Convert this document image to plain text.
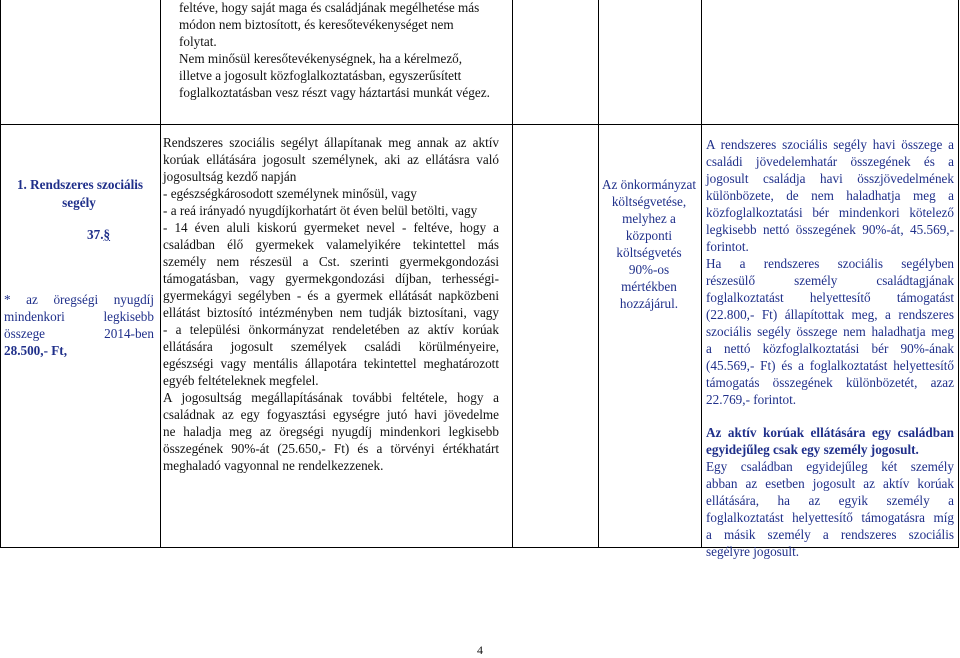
feltéve, hogy saját maga és családjának megélhetése más
módon nem biztosított, és keresőtevékenységet nem
folytat.
Nem minősül keresőtevékenységnek, ha a kérelmező,
illetve a jogosult közfoglalkoztatásban, egyszerűsített
foglalkoztatásban vesz részt vagy háztartási munkát végez.
1. Rendszeres szociális
segély
37.§
* az öregségi nyugdíj
mindenkori legkisebb
összege 2014-ben
28.500,- Ft,
Rendszeres szociális segélyt állapítanak meg annak az aktív
korúak ellátására jogosult személynek, aki az ellátásra való
jogosultság kezdő napján
- egészségkárosodott személynek minősül, vagy
- a reá irányadó nyugdíjkorhatárt öt éven belül betölti, vagy
- 14 éven aluli kiskorú gyermeket nevel - feltéve, hogy a
családban élő gyermekek valamelyikére tekintettel más
személy nem részesül a Cst. szerinti gyermekgondozási
támogatásban, vagy gyermekgondozási díjban, terhességi-
gyermekágyi segélyben - és a gyermek ellátását napközbeni
ellátást biztosító intézményben nem tudják biztosítani, vagy
- a települési önkormányzat rendeletében az aktív korúak
ellátására jogosult személyek családi körülményeire,
egészségi vagy mentális állapotára tekintettel meghatározott
egyéb feltételeknek megfelel.
A jogosultság megállapításának további feltétele, hogy a
családnak az egy fogyasztási egységre jutó havi jövedelme
ne haladja meg az öregségi nyugdíj mindenkori legkisebb
összegének 90%-át (25.650,- Ft) és a törvényi értékhatárt
meghaladó vagyonnal ne rendelkezzenek.
Az önkormányzat
költségvetése,
melyhez a
központi
költségvetés
90%-os
mértékben
hozzájárul.
A rendszeres szociális segély havi összege a
családi jövedelemhatár összegének és a
jogosult családja havi összjövedelmének
különbözete, de nem haladhatja meg a
közfoglalkoztatási bér mindenkori kötelező
legkisebb nettó összegének 90%-át, 45.569,-
forintot.
Ha a rendszeres szociális segélyben
részesülő személy családtagjának
foglalkoztatást helyettesítő támogatást
(22.800,- Ft) állapítottak meg, a rendszeres
szociális segély összege nem haladhatja meg
a nettó közfoglalkoztatási bér 90%-ának
(45.569,- Ft) és a foglalkoztatást helyettesítő
támogatás összegének különbözetét, azaz
22.769,- forintot.
Az aktív korúak ellátására egy családban
egyidejűleg csak egy személy jogosult.
Egy családban egyidejűleg két személy
abban az esetben jogosult az aktív korúak
ellátására, ha az egyik személy a
foglalkoztatást helyettesítő támogatásra míg
a másik személy a rendszeres szociális
segélyre jogosult.
4
